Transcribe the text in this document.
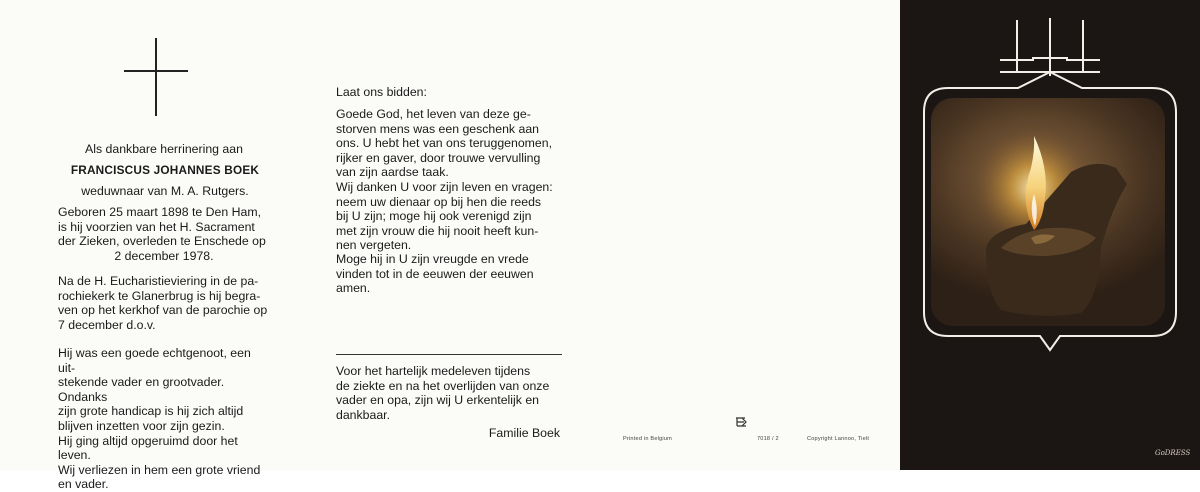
Als dankbare herrinering aan
FRANCISCUS JOHANNES BOEK
weduwnaar van M. A. Rutgers.
Geboren 25 maart 1898 te Den Ham,
is hij voorzien van het H. Sacrament
der Zieken, overleden te Enschede op
2 december 1978.
Na de H. Eucharistieviering in de pa-
rochiekerk te Glanerbrug is hij begra-
ven op het kerkhof van de parochie op
7 december d.o.v.
Hij was een goede echtgenoot, een uit-
stekende vader en grootvader. Ondanks
zijn grote handicap is hij zich altijd
blijven inzetten voor zijn gezin.
Hij ging altijd opgeruimd door het leven.
Wij verliezen in hem een grote vriend
en vader.
Laat ons bidden:
Goede God, het leven van deze ge-
storven mens was een geschenk aan
ons. U hebt het van ons teruggenomen,
rijker en gaver, door trouwe vervulling
van zijn aardse taak.
Wij danken U voor zijn leven en vragen:
neem uw dienaar op bij hen die reeds
bij U zijn; moge hij ook verenigd zijn
met zijn vrouw die hij nooit heeft kun-
nen vergeten.
Moge hij in U zijn vreugde en vrede
vinden tot in de eeuwen der eeuwen
amen.
Voor het hartelijk medeleven tijdens
de ziekte en na het overlijden van onze
vader en opa, zijn wij U erkentelijk en
dankbaar.
Familie Boek	Printed in Belgium	7018 / 2	Copyright Lannoo, Tielt
GoDRESS
